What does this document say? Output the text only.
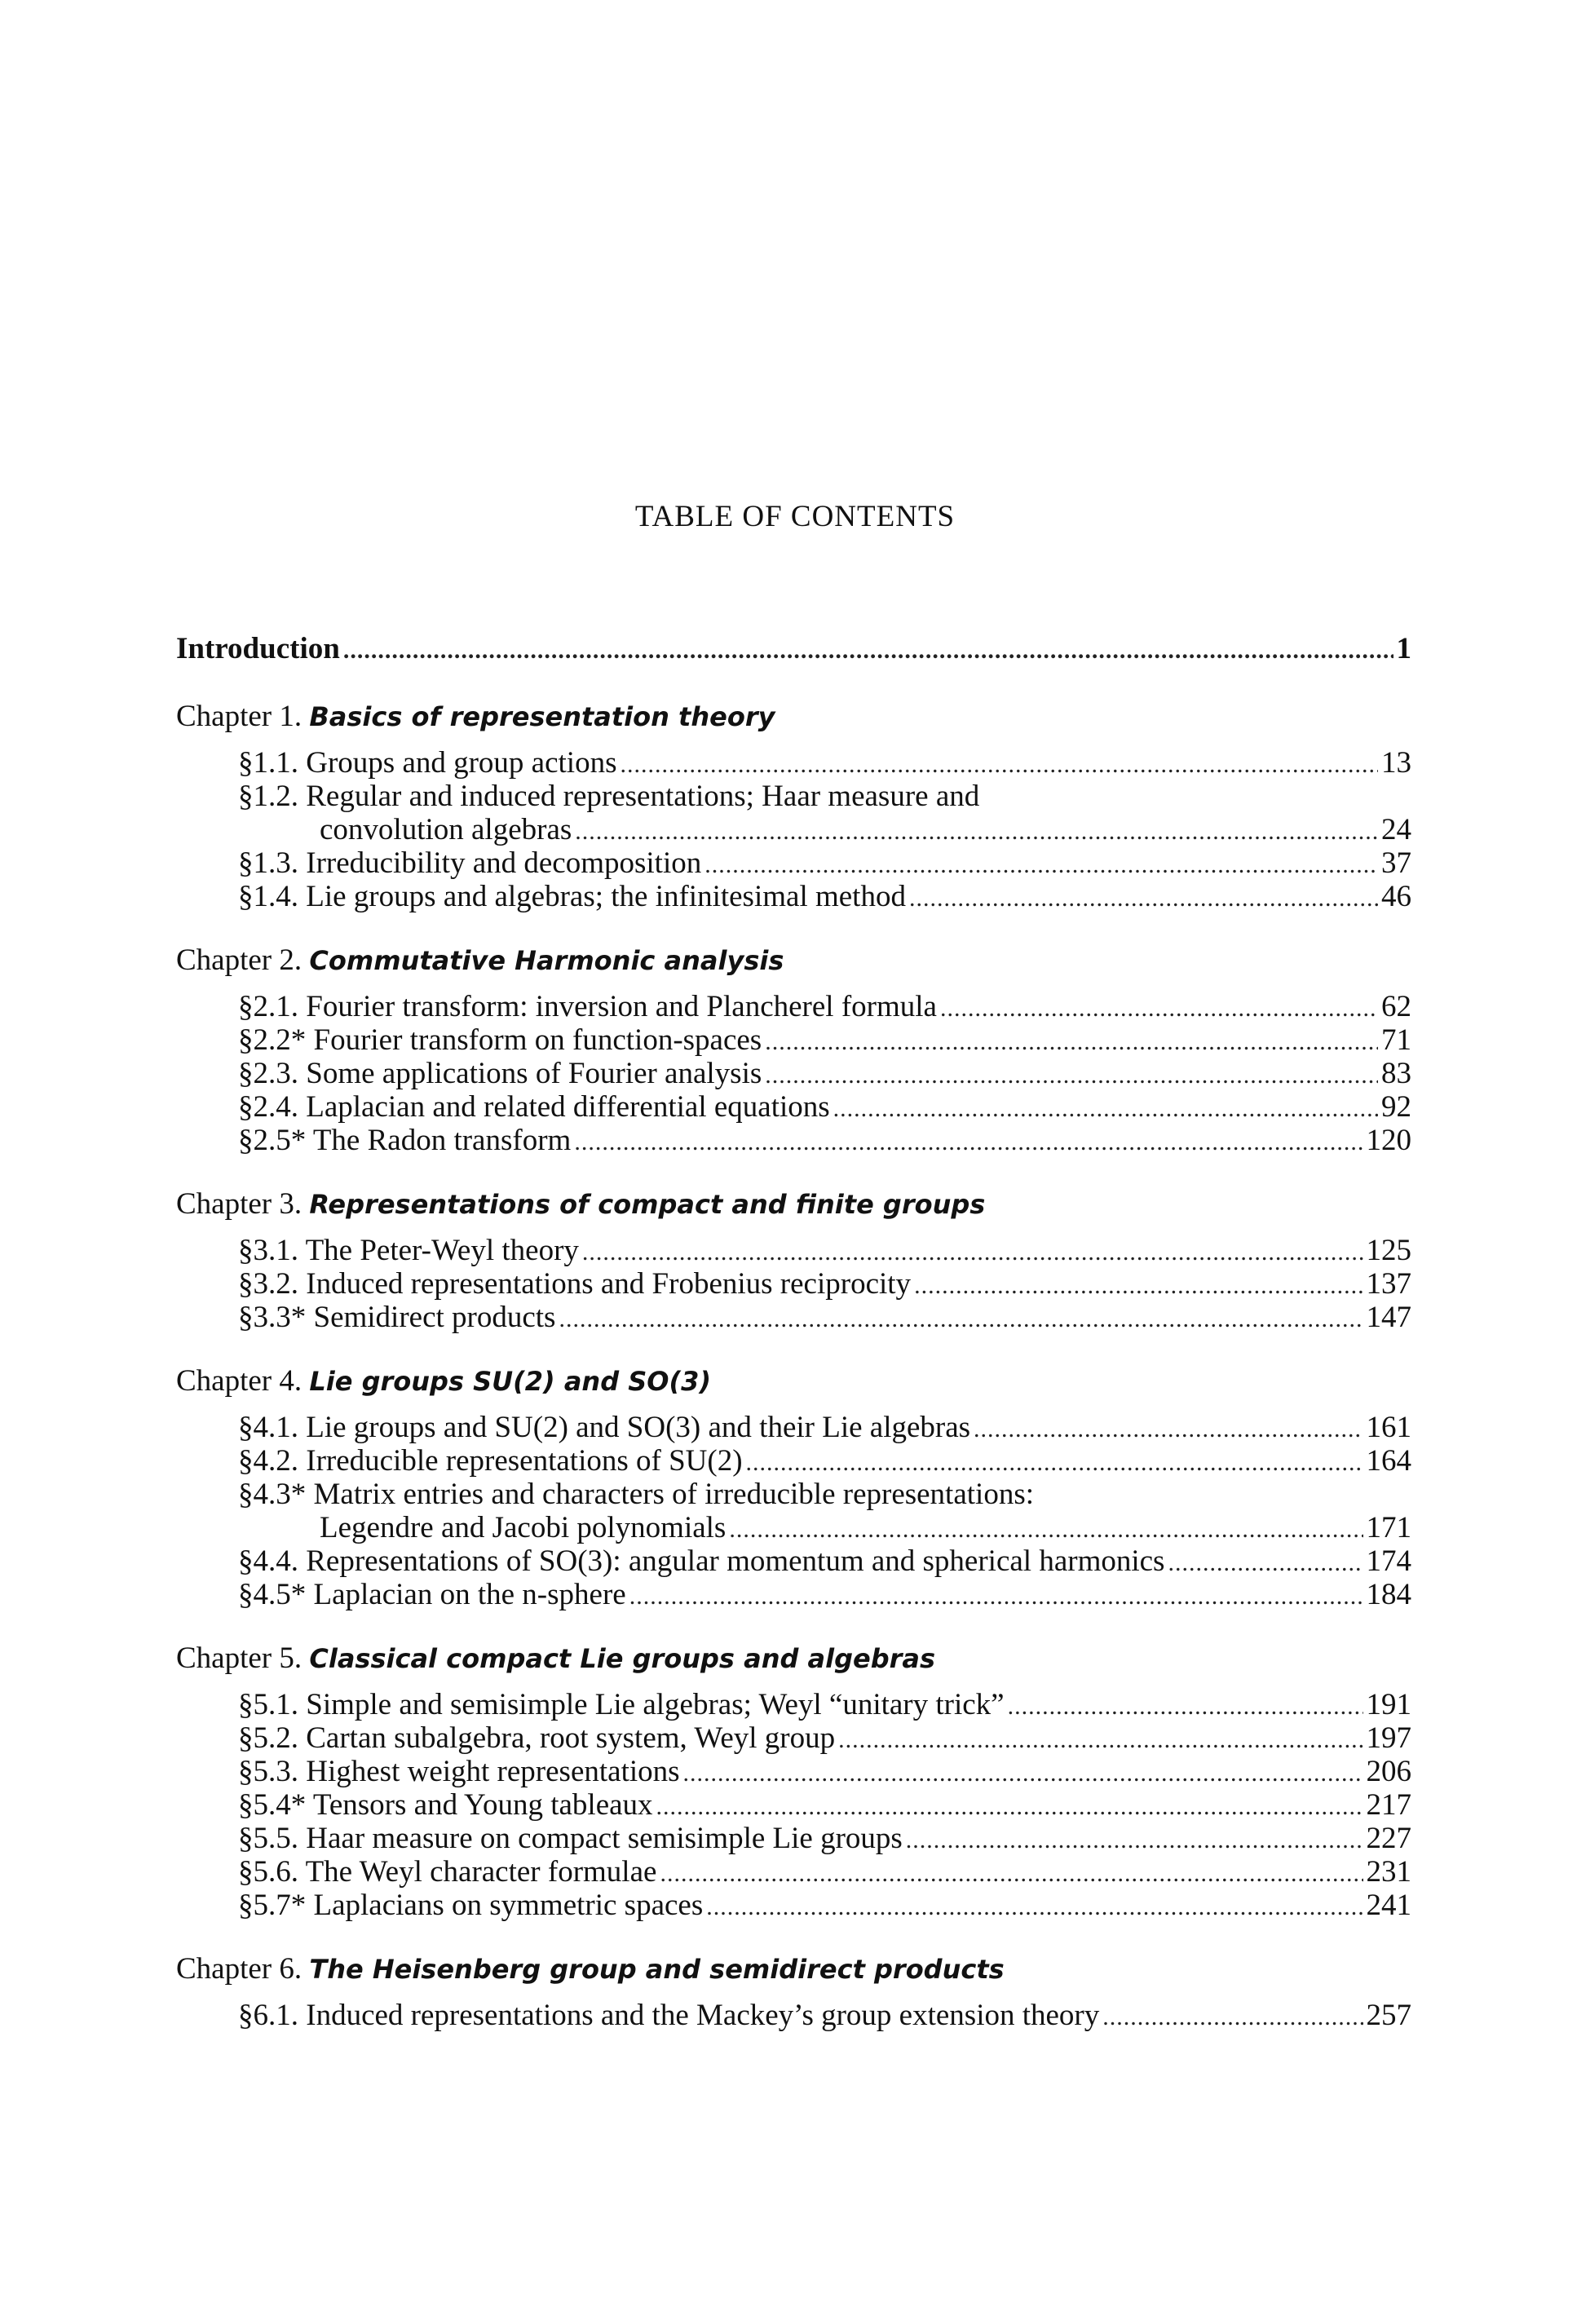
TABLE OF CONTENTS
Introduction .....	1
Chapter 1. Basics of representation theory
§1.1. Groups and group actions .....	13
§1.2. Regular and induced representations; Haar measure and
convolution algebras .....	24
§1.3. Irreducibility and decomposition .....	37
§1.4. Lie groups and algebras; the infinitesimal method .....	46
Chapter 2. Commutative Harmonic analysis
§2.1. Fourier transform: inversion and Plancherel formula .....	62
§2.2* Fourier transform on function-spaces .....	71
§2.3. Some applications of Fourier analysis .....	83
§2.4. Laplacian and related differential equations .....	92
§2.5* The Radon transform .....	120
Chapter 3. Representations of compact and finite groups
§3.1. The Peter-Weyl theory .....	125
§3.2. Induced representations and Frobenius reciprocity .....	137
§3.3* Semidirect products .....	147
Chapter 4. Lie groups SU(2) and SO(3)
§4.1. Lie groups and SU(2) and SO(3) and their Lie algebras .....	161
§4.2. Irreducible representations of SU(2) .....	164
§4.3* Matrix entries and characters of irreducible representations:
Legendre and Jacobi polynomials .....	171
§4.4. Representations of SO(3): angular momentum and spherical harmonics .....	174
§4.5* Laplacian on the n-sphere .....	184
Chapter 5. Classical compact Lie groups and algebras
§5.1. Simple and semisimple Lie algebras; Weyl “unitary trick” .....	191
§5.2. Cartan subalgebra, root system, Weyl group .....	197
§5.3. Highest weight representations .....	206
§5.4* Tensors and Young tableaux .....	217
§5.5. Haar measure on compact semisimple Lie groups .....	227
§5.6. The Weyl character formulae .....	231
§5.7* Laplacians on symmetric spaces .....	241
Chapter 6. The Heisenberg group and semidirect products
§6.1. Induced representations and the Mackey’s group extension theory .....	257
